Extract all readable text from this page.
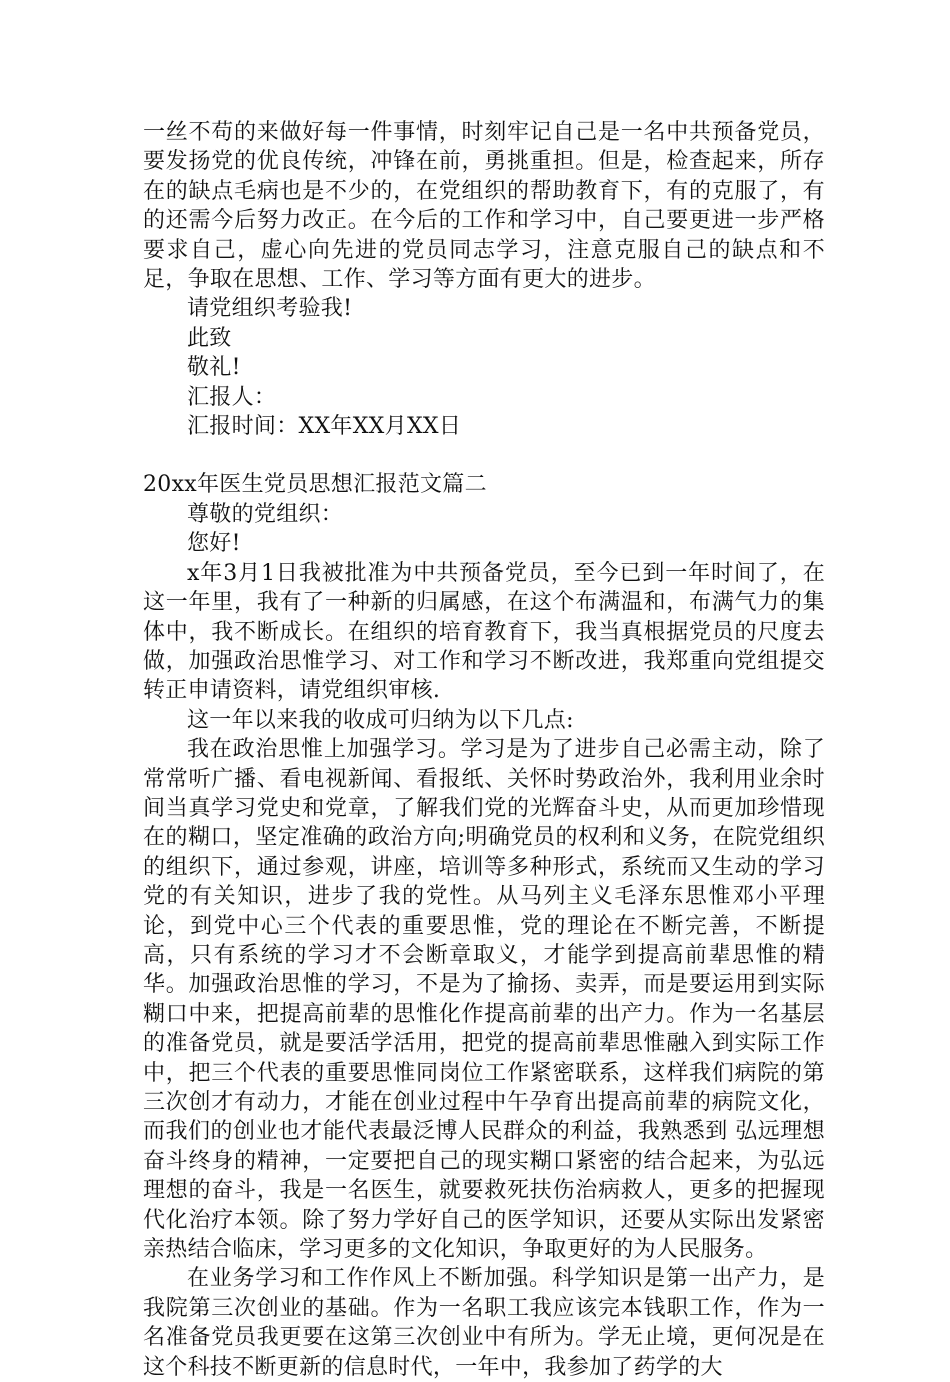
一丝不苟的来做好每一件事情，时刻牢记自己是一名中共预备党员，要发扬党的优良传统，冲锋在前，勇挑重担。但是，检查起来，所存在的缺点毛病也是不少的，在党组织的帮助教育下，有的克服了，有的还需今后努力改正。在今后的工作和学习中，自己要更进一步严格要求自己，虚心向先进的党员同志学习，注意克服自己的缺点和不足，争取在思想、工作、学习等方面有更大的进步。

请党组织考验我!

此致

敬礼!

汇报人：

汇报时间：XX年XX月XX日

20xx年医生党员思想汇报范文篇二

尊敬的党组织：

您好!

x年3月1日我被批准为中共预备党员，至今已到一年时间了，在这一年里，我有了一种新的归属感，在这个布满温和，布满气力的集体中，我不断成长。在组织的培育教育下，我当真根据党员的尺度去做，加强政治思惟学习、对工作和学习不断改进，我郑重向党组提交转正申请资料，请党组织审核.

这一年以来我的收成可归纳为以下几点:

我在政治思惟上加强学习。学习是为了进步自己必需主动，除了常常听广播、看电视新闻、看报纸、关怀时势政治外，我利用业余时间当真学习党史和党章，了解我们党的光辉奋斗史，从而更加珍惜现在的糊口，坚定准确的政治方向;明确党员的权利和义务，在院党组织的组织下，通过参观，讲座，培训等多种形式，系统而又生动的学习党的有关知识，进步了我的党性。从马列主义毛泽东思惟邓小平理论，到党中心三个代表的重要思惟，党的理论在不断完善，不断提高，只有系统的学习才不会断章取义，才能学到提高前辈思惟的精华。加强政治思惟的学习，不是为了揄扬、卖弄，而是要运用到实际糊口中来，把提高前辈的思惟化作提高前辈的出产力。作为一名基层的准备党员，就是要活学活用，把党的提高前辈思惟融入到实际工作中，把三个代表的重要思惟同岗位工作紧密联系，这样我们病院的第三次创才有动力，才能在创业过程中午孕育出提高前辈的病院文化，而我们的创业也才能代表最泛博人民群众的利益，我熟悉到 弘远理想 奋斗终身的精神，一定要把自己的现实糊口紧密的结合起来，为弘远理想的奋斗，我是一名医生，就要救死扶伤治病救人，更多的把握现代化治疗本领。除了努力学好自己的医学知识，还要从实际出发紧密亲热结合临床，学习更多的文化知识，争取更好的为人民服务。

在业务学习和工作作风上不断加强。科学知识是第一出产力，是我院第三次创业的基础。作为一名职工我应该完本钱职工作，作为一名准备党员我更要在这第三次创业中有所为。学无止境，更何况是在这个科技不断更新的信息时代，一年中，我参加了药学的大
